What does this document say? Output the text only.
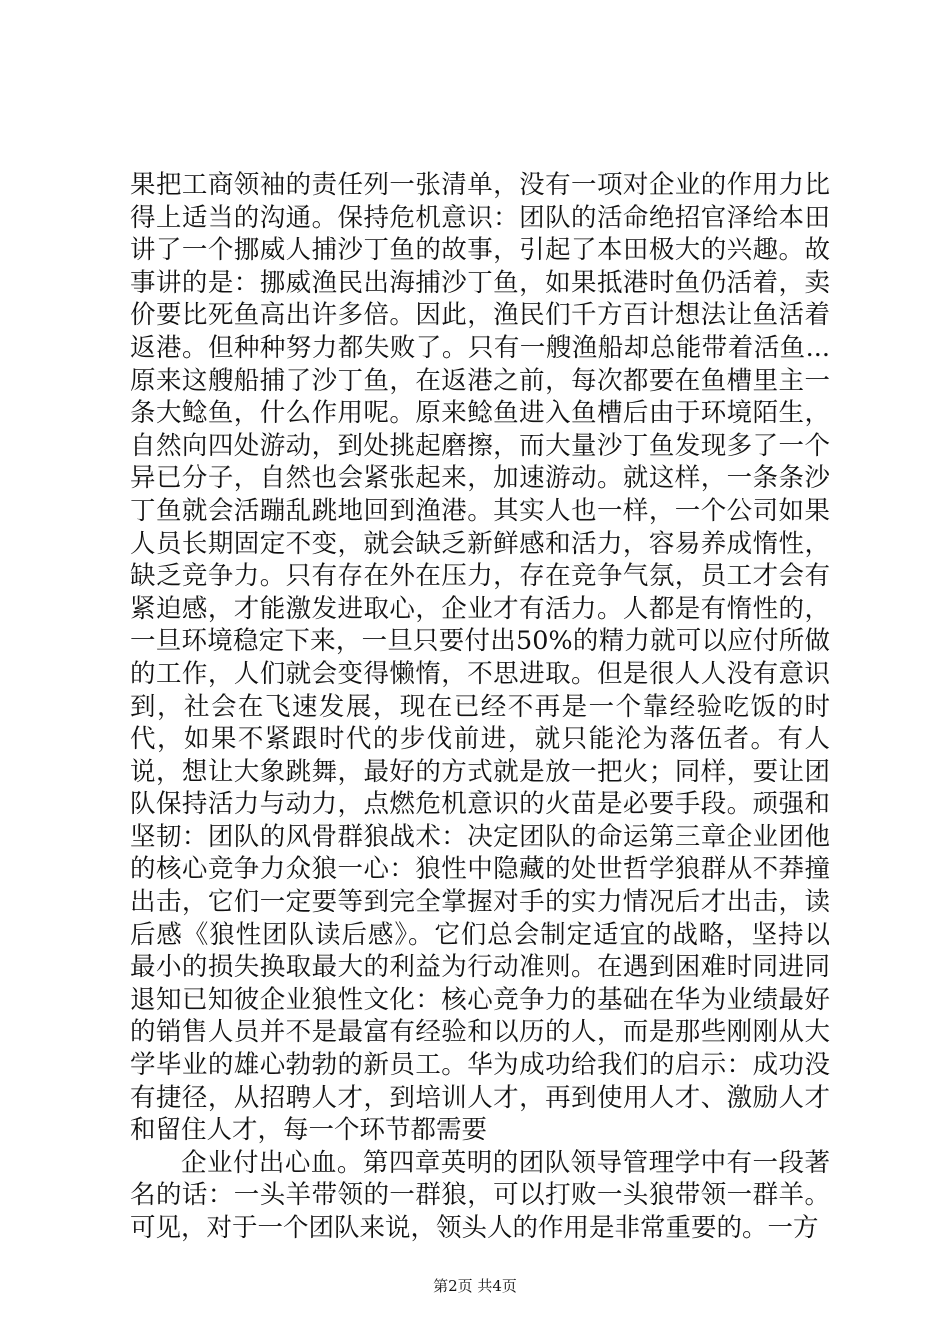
果把工商领袖的责任列一张清单，没有一项对企业的作用力比得上适当的沟通。保持危机意识：团队的活命绝招官泽给本田讲了一个挪威人捕沙丁鱼的故事，引起了本田极大的兴趣。故事讲的是：挪威渔民出海捕沙丁鱼，如果抵港时鱼仍活着，卖价要比死鱼高出许多倍。因此，渔民们千方百计想法让鱼活着返港。但种种努力都失败了。只有一艘渔船却总能带着活鱼...原来这艘船捕了沙丁鱼，在返港之前，每次都要在鱼槽里主一条大鲶鱼，什么作用呢。原来鲶鱼进入鱼槽后由于环境陌生，自然向四处游动，到处挑起磨擦，而大量沙丁鱼发现多了一个异已分子，自然也会紧张起来，加速游动。就这样，一条条沙丁鱼就会活蹦乱跳地回到渔港。其实人也一样，一个公司如果人员长期固定不变，就会缺乏新鲜感和活力，容易养成惰性，缺乏竞争力。只有存在外在压力，存在竞争气氛，员工才会有紧迫感，才能激发进取心，企业才有活力。人都是有惰性的，一旦环境稳定下来，一旦只要付出50%的精力就可以应付所做的工作，人们就会变得懒惰，不思进取。但是很人人没有意识到，社会在飞速发展，现在已经不再是一个靠经验吃饭的时代，如果不紧跟时代的步伐前进，就只能沦为落伍者。有人说，想让大象跳舞，最好的方式就是放一把火；同样，要让团队保持活力与动力，点燃危机意识的火苗是必要手段。顽强和坚韧：团队的风骨群狼战术：决定团队的命运第三章企业团他的核心竞争力众狼一心：狼性中隐藏的处世哲学狼群从不莽撞出击，它们一定要等到完全掌握对手的实力情况后才出击，读后感《狼性团队读后感》。它们总会制定适宜的战略，坚持以最小的损失换取最大的利益为行动准则。在遇到困难时同进同退知已知彼企业狼性文化：核心竞争力的基础在华为业绩最好的销售人员并不是最富有经验和以历的人，而是那些刚刚从大学毕业的雄心勃勃的新员工。华为成功给我们的启示：成功没有捷径，从招聘人才，到培训人才，再到使用人才、激励人才和留住人才，每一个环节都需要

企业付出心血。第四章英明的团队领导管理学中有一段著名的话：一头羊带领的一群狼，可以打败一头狼带领一群羊。可见，对于一个团队来说，领头人的作用是非常重要的。一方

第2页 共4页
